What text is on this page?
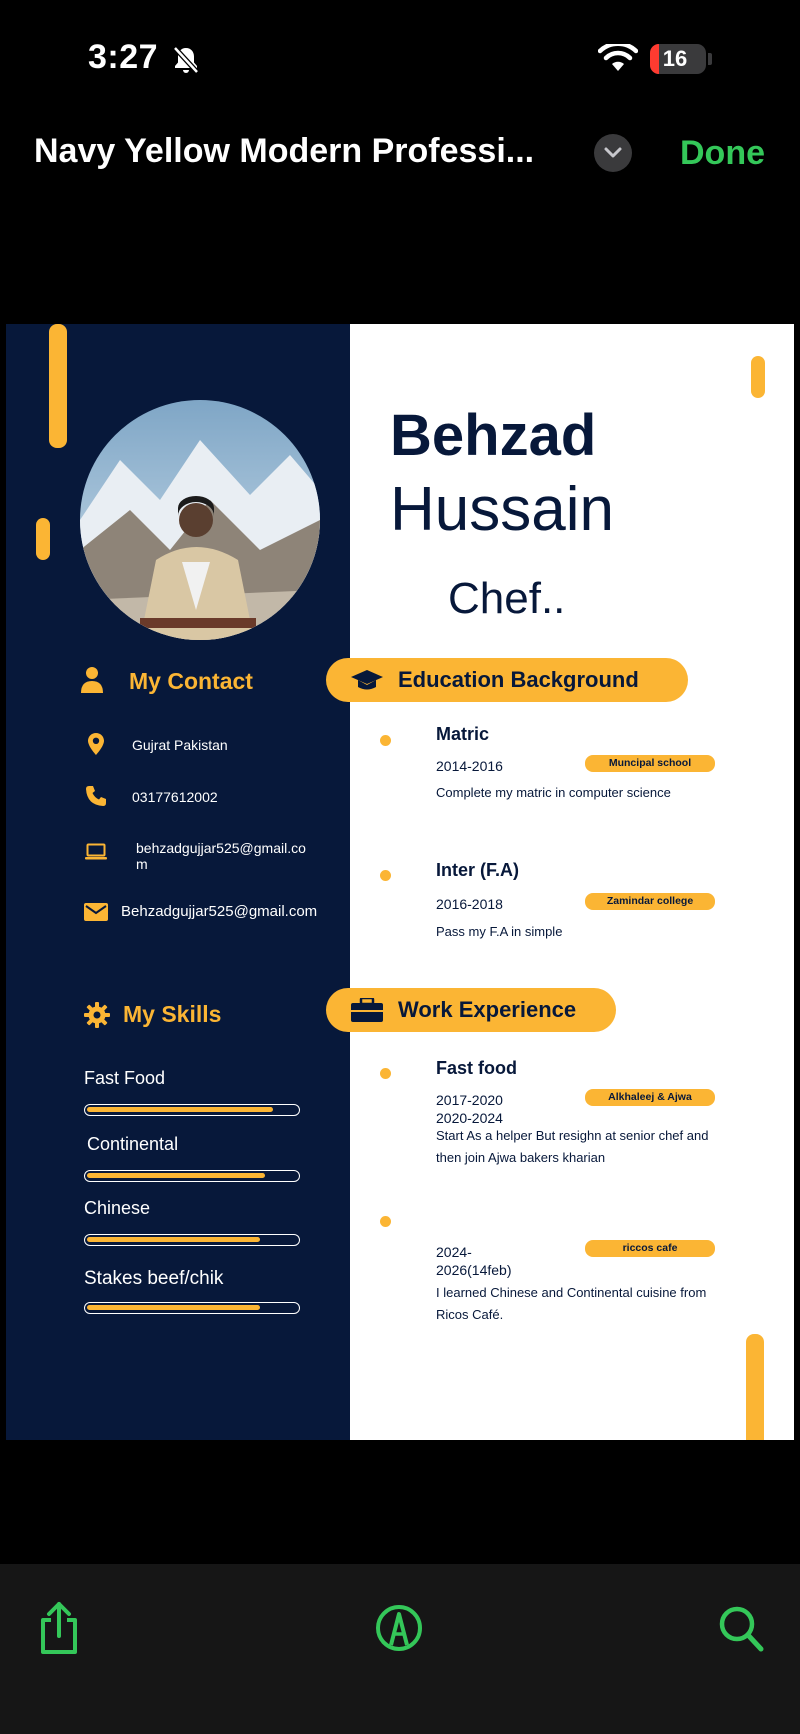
3:27	16
Navy Yellow Modern Professi...	Done
My Contact
Gujrat Pakistan
03177612002
behzadgujjar525@gmail.co
m
Behzadgujjar525@gmail.com
My Skills
Fast Food
Continental
Chinese
Stakes beef/chik
Behzad
Hussain
Chef..
Education Background
Matric
2014-2016	Muncipal school
Complete my matric in computer science
Inter (F.A)
2016-2018	Zamindar college
Pass my F.A in simple
Work Experience
Fast food
2017-2020
2020-2024
Alkhaleej & Ajwa
Start As a helper But resighn at senior chef and then join Ajwa bakers kharian
2024-
2026(14feb)
riccos cafe
I learned Chinese and Continental cuisine from Ricos Café.
